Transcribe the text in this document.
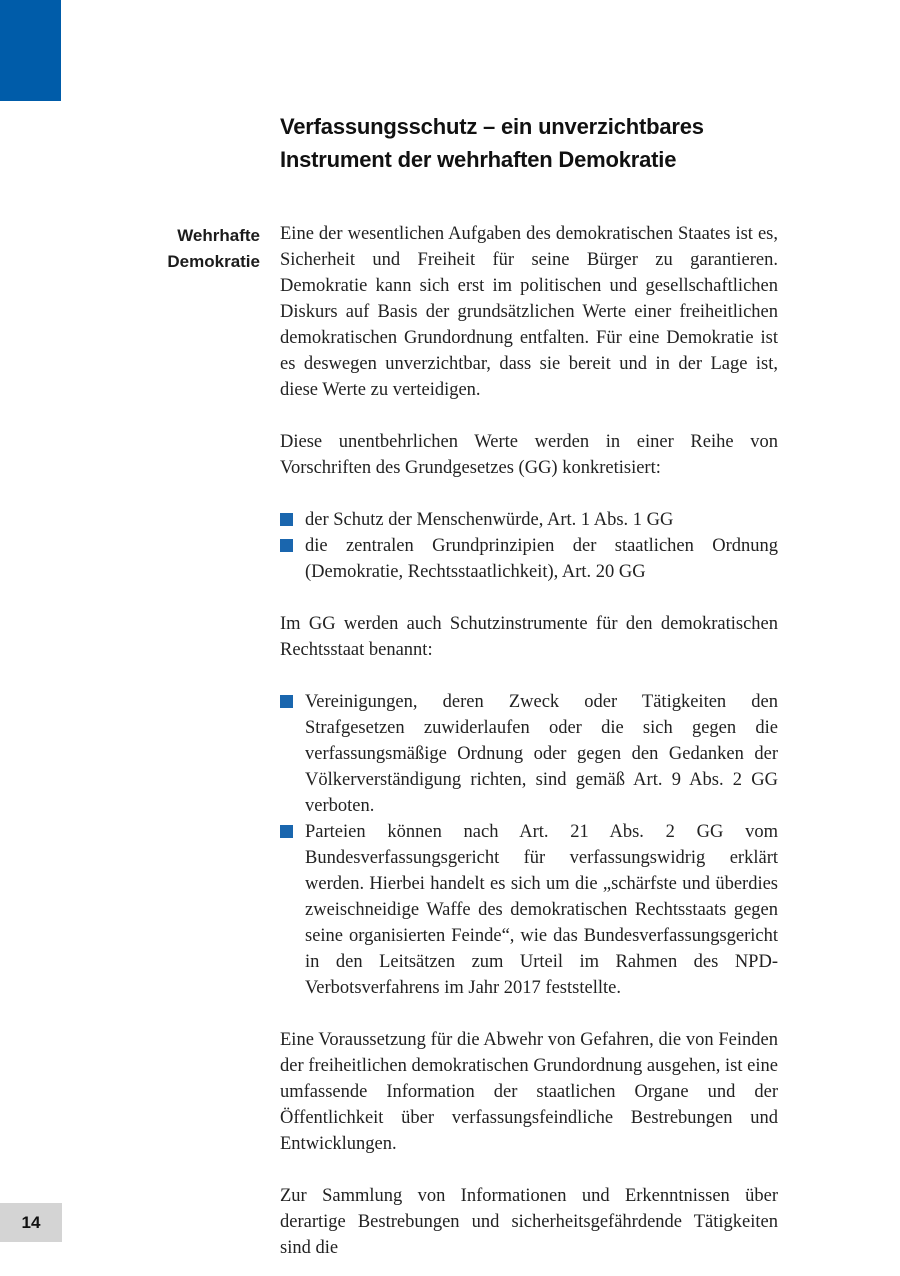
Verfassungsschutz – ein unverzichtbares
Instrument der wehrhaften Demokratie
Wehrhafte
Demokratie

Eine der wesentlichen Aufgaben des demokratischen Staates ist es, Sicherheit und Freiheit für seine Bürger zu garantieren. Demokratie kann sich erst im politischen und gesellschaftlichen Diskurs auf Basis der grundsätzlichen Werte einer freiheitlichen demokratischen Grundordnung entfalten. Für eine Demokratie ist es deswegen unverzichtbar, dass sie bereit und in der Lage ist, diese Werte zu verteidigen.

Diese unentbehrlichen Werte werden in einer Reihe von Vorschriften des Grundgesetzes (GG) konkretisiert:

der Schutz der Menschenwürde, Art. 1 Abs. 1 GG
die zentralen Grundprinzipien der staatlichen Ordnung (Demokratie, Rechtsstaatlichkeit), Art. 20 GG

Im GG werden auch Schutzinstrumente für den demokratischen Rechtsstaat benannt:

Vereinigungen, deren Zweck oder Tätigkeiten den Strafgesetzen zuwiderlaufen oder die sich gegen die verfassungsmäßige Ordnung oder gegen den Gedanken der Völkerverständigung richten, sind gemäß Art. 9 Abs. 2 GG verboten.
Parteien können nach Art. 21 Abs. 2 GG vom Bundesverfassungsgericht für verfassungswidrig erklärt werden. Hierbei handelt es sich um die „schärfste und überdies zweischneidige Waffe des demokratischen Rechtsstaats gegen seine organisierten Feinde“, wie das Bundesverfassungsgericht in den Leitsätzen zum Urteil im Rahmen des NPD-Verbotsverfahrens im Jahr 2017 feststellte.

Eine Voraussetzung für die Abwehr von Gefahren, die von Feinden der freiheitlichen demokratischen Grundordnung ausgehen, ist eine umfassende Information der staatlichen Organe und der Öffentlichkeit über verfassungsfeindliche Bestrebungen und Entwicklungen.

Zur Sammlung von Informationen und Erkenntnissen über derartige Bestrebungen und sicherheitsgefährdende Tätigkeiten sind die

14
